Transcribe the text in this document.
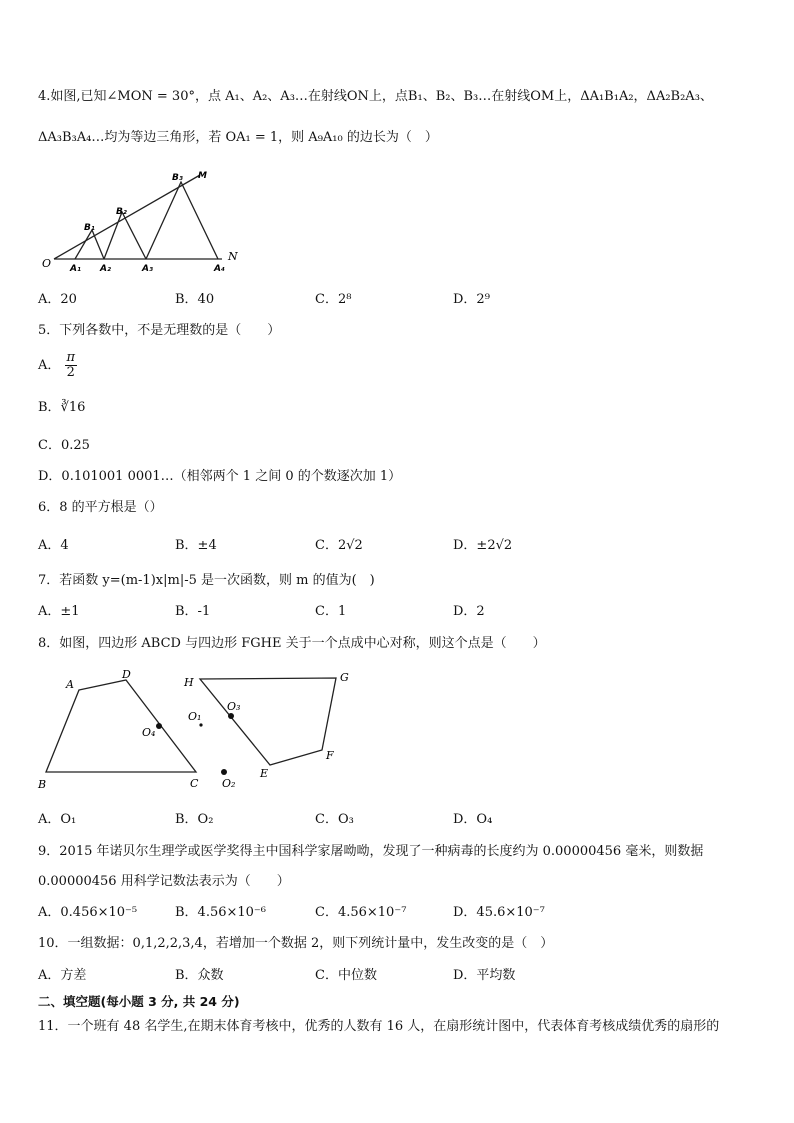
4.如图,已知∠MON = 30°，点 A₁、A₂、A₃…在射线ON上，点B₁、B₂、B₃…在射线OM上，ΔA₁B₁A₂，ΔA₂B₂A₃、
ΔA₃B₃A₄…均为等边三角形，若 OA₁ = 1，则 A₉A₁₀ 的边长为（　）
O
N
M
B₃
B₂
B₁
A₁ A₂	A₃	A₄
A．20	B．40	C．2⁸	D．2⁹
5．下列各数中，不是无理数的是（　　）
A． $\frac{\pi}{2}$
B．∛16
C．0.25
D．0.101001 0001…（相邻两个 1 之间 0 的个数逐次加 1）
6．8 的平方根是（）
A．4	B．±4	C．2√2	D．±2√2
7．若函数 y=(m-1)x|m|-5 是一次函数，则 m 的值为(　)
A．±1	B．-1	C．1	D．2
8．如图，四边形 ABCD 与四边形 FGHE 关于一个点成中心对称，则这个点是（　　）
A
D
B	C
H	G
F
E
O₄
O₁
O₃
O₂
A．O₁	B．O₂	C．O₃	D．O₄
9．2015 年诺贝尔生理学或医学奖得主中国科学家屠呦呦，发现了一种病毒的长度约为 0.00000456 毫米，则数据
0.00000456 用科学记数法表示为（　　）
A．0.456×10⁻⁵	B．4.56×10⁻⁶	C．4.56×10⁻⁷	D．45.6×10⁻⁷
10．一组数据：0,1,2,2,3,4，若增加一个数据 2，则下列统计量中，发生改变的是（　）
A．方差	B．众数	C．中位数	D．平均数
二、填空题(每小题 3 分, 共 24 分)
11．一个班有 48 名学生,在期末体育考核中，优秀的人数有 16 人，在扇形统计图中，代表体育考核成绩优秀的扇形的
